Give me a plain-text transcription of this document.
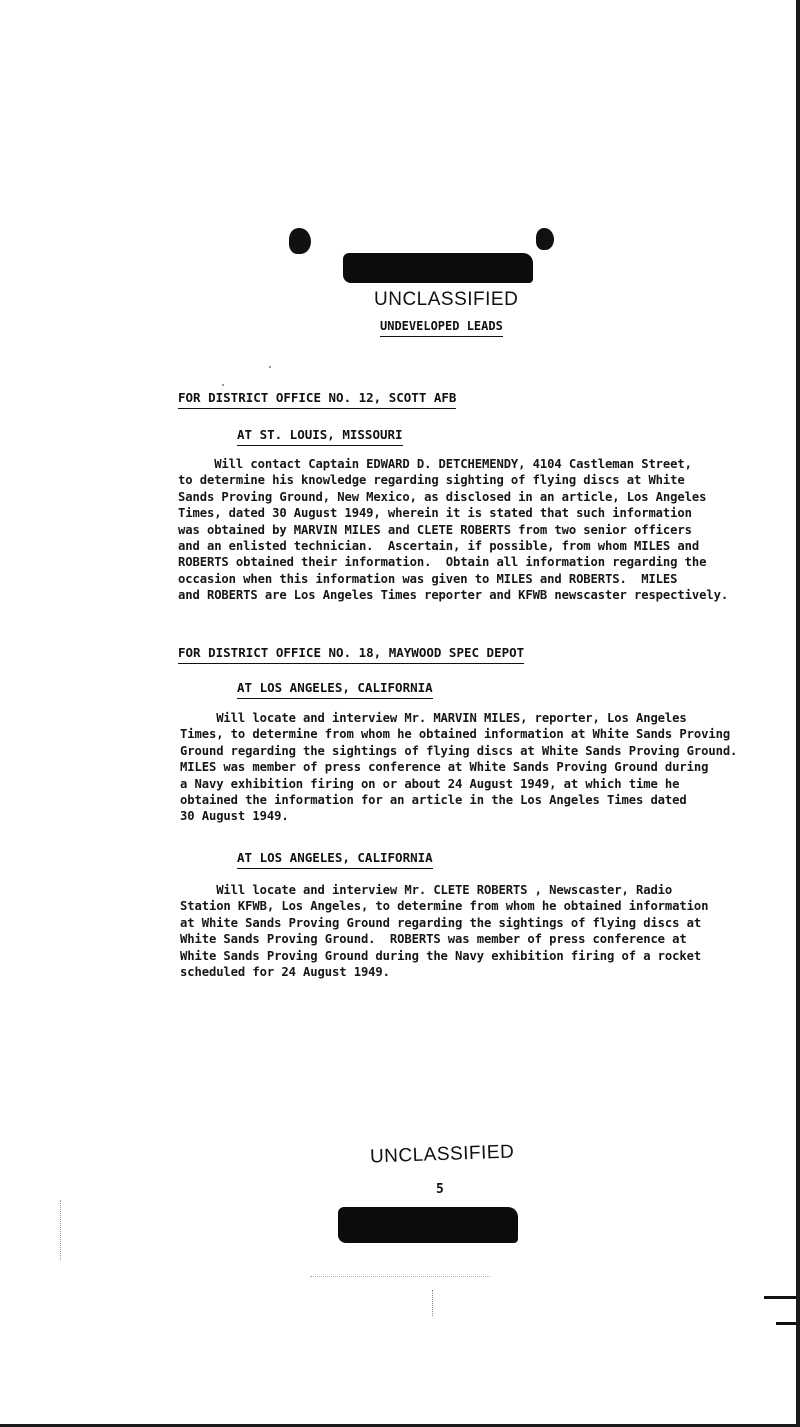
UNCLASSIFIED
UNDEVELOPED LEADS
FOR DISTRICT OFFICE NO. 12, SCOTT AFB
AT ST. LOUIS, MISSOURI
Will contact Captain EDWARD D. DETCHEMENDY, 4104 Castleman Street,
to determine his knowledge regarding sighting of flying discs at White
Sands Proving Ground, New Mexico, as disclosed in an article, Los Angeles
Times, dated 30 August 1949, wherein it is stated that such information
was obtained by MARVIN MILES and CLETE ROBERTS from two senior officers
and an enlisted technician.  Ascertain, if possible, from whom MILES and
ROBERTS obtained their information.  Obtain all information regarding the
occasion when this information was given to MILES and ROBERTS.  MILES
and ROBERTS are Los Angeles Times reporter and KFWB newscaster respectively.
FOR DISTRICT OFFICE NO. 18, MAYWOOD SPEC DEPOT
AT LOS ANGELES, CALIFORNIA
Will locate and interview Mr. MARVIN MILES, reporter, Los Angeles
Times, to determine from whom he obtained information at White Sands Proving
Ground regarding the sightings of flying discs at White Sands Proving Ground.
MILES was member of press conference at White Sands Proving Ground during
a Navy exhibition firing on or about 24 August 1949, at which time he
obtained the information for an article in the Los Angeles Times dated
30 August 1949.
AT LOS ANGELES, CALIFORNIA
Will locate and interview Mr. CLETE ROBERTS , Newscaster, Radio
Station KFWB, Los Angeles, to determine from whom he obtained information
at White Sands Proving Ground regarding the sightings of flying discs at
White Sands Proving Ground.  ROBERTS was member of press conference at
White Sands Proving Ground during the Navy exhibition firing of a rocket
scheduled for 24 August 1949.
UNCLASSIFIED
5
